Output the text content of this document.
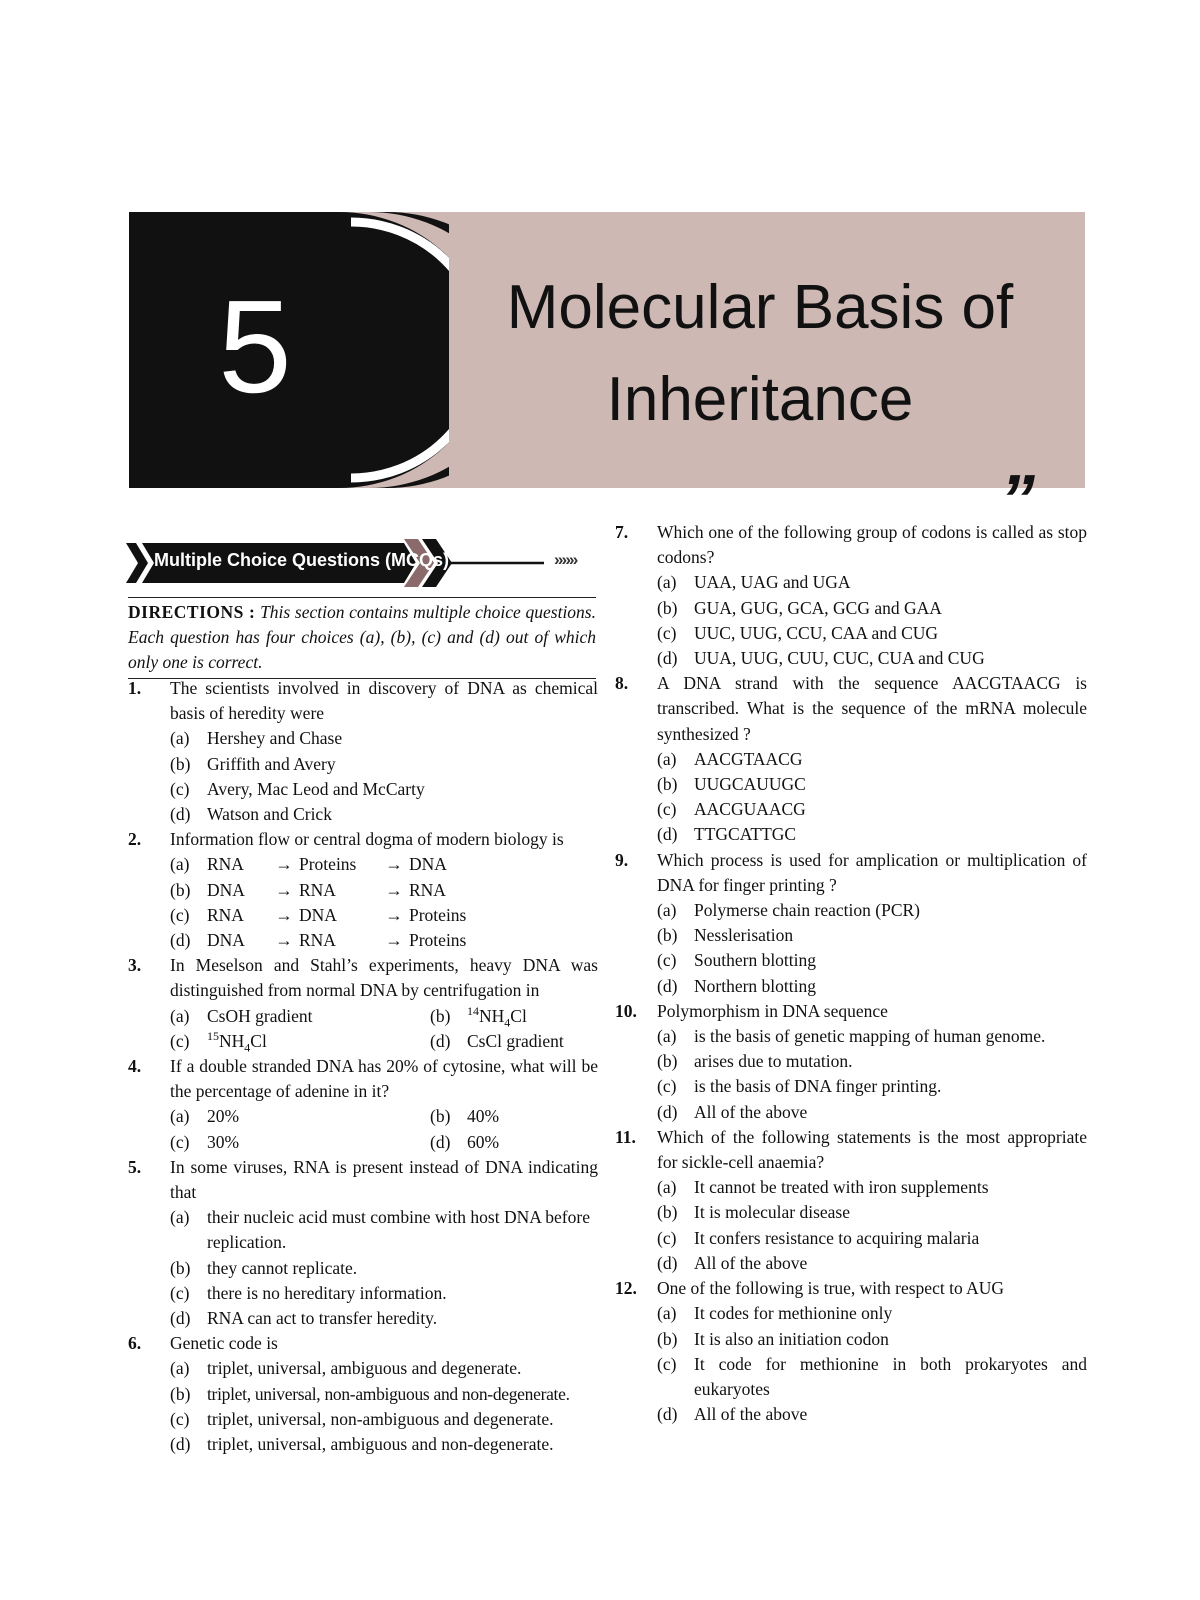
5	Molecular Basis of
Inheritance
”
Multiple Choice Questions (MCQs)	»»»
DIRECTIONS : This section contains multiple choice questions. Each question has four choices (a), (b), (c) and (d) out of which only one is correct.
1. The scientists involved in discovery of DNA as chemical basis of heredity were
(a) Hershey and Chase
(b) Griffith and Avery
(c) Avery, Mac Leod and McCarty
(d) Watson and Crick
2. Information flow or central dogma of modern biology is
(a) RNA	→ Proteins	→ DNA
(b) DNA	→ RNA	→ RNA
(c) RNA	→ DNA	→ Proteins
(d) DNA	→ RNA	→ Proteins
3. In Meselson and Stahl’s experiments, heavy DNA was distinguished from normal DNA by centrifugation in
(a) CsOH gradient	(b) $^{14}NH_4Cl$
(c) $^{15}NH_4Cl$	(d) CsCl gradient
4. If a double stranded DNA has 20% of cytosine, what will be the percentage of adenine in it?
(a) 20%	(b) 40%
(c) 30%	(d) 60%
5. In some viruses, RNA is present instead of DNA indicating that
(a) their nucleic acid must combine with host DNA before replication.
(b) they cannot replicate.
(c) there is no hereditary information.
(d) RNA can act to transfer heredity.
6. Genetic code is
(a) triplet, universal, ambiguous and degenerate.
(b) triplet, universal, non-ambiguous and non-degenerate.
(c) triplet, universal, non-ambiguous and degenerate.
(d) triplet, universal, ambiguous and non-degenerate.
7. Which one of the following group of codons is called as stop codons?
(a) UAA, UAG and UGA
(b) GUA, GUG, GCA, GCG and GAA
(c) UUC, UUG, CCU, CAA and CUG
(d) UUA, UUG, CUU, CUC, CUA and CUG
8. A DNA strand with the sequence AACGTAACG is transcribed. What is the sequence of the mRNA molecule synthesized ?
(a) AACGTAACG
(b) UUGCAUUGC
(c) AACGUAACG
(d) TTGCATTGC
9. Which process is used for amplication or multiplication of DNA for finger printing ?
(a) Polymerse chain reaction (PCR)
(b) Nesslerisation
(c) Southern blotting
(d) Northern blotting
10. Polymorphism in DNA sequence
(a) is the basis of genetic mapping of human genome.
(b) arises due to mutation.
(c) is the basis of DNA finger printing.
(d) All of the above
11. Which of the following statements is the most appropriate for sickle-cell anaemia?
(a) It cannot be treated with iron supplements
(b) It is molecular disease
(c) It confers resistance to acquiring malaria
(d) All of the above
12. One of the following is true, with respect to AUG
(a) It codes for methionine only
(b) It is also an initiation codon
(c) It code for methionine in both prokaryotes and eukaryotes
(d) All of the above
